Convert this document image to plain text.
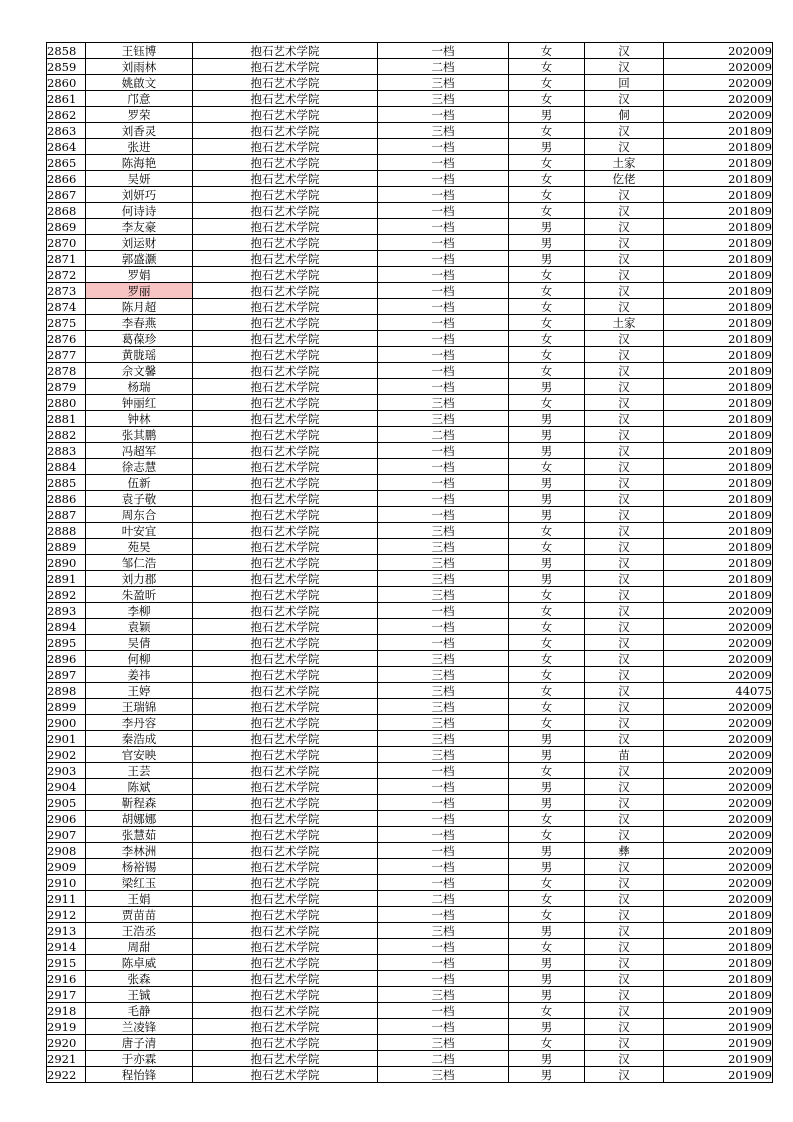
2858	王钰博	抱石艺术学院	一档	女	汉	202009
2859	刘雨林	抱石艺术学院	二档	女	汉	202009
2860	姚啟文	抱石艺术学院	三档	女	回	202009
2861	邝意	抱石艺术学院	三档	女	汉	202009
2862	罗荣	抱石艺术学院	一档	男	侗	202009
2863	刘香灵	抱石艺术学院	三档	女	汉	201809
2864	张进	抱石艺术学院	一档	男	汉	201809
2865	陈海艳	抱石艺术学院	一档	女	土家	201809
2866	吴妍	抱石艺术学院	一档	女	仡佬	201809
2867	刘妍巧	抱石艺术学院	一档	女	汉	201809
2868	何诗诗	抱石艺术学院	一档	女	汉	201809
2869	李友豪	抱石艺术学院	一档	男	汉	201809
2870	刘运财	抱石艺术学院	一档	男	汉	201809
2871	郭盛灏	抱石艺术学院	一档	男	汉	201809
2872	罗娟	抱石艺术学院	一档	女	汉	201809
2873	罗丽	抱石艺术学院	一档	女	汉	201809
2874	陈月超	抱石艺术学院	一档	女	汉	201809
2875	李春燕	抱石艺术学院	一档	女	土家	201809
2876	葛葆珍	抱石艺术学院	一档	女	汉	201809
2877	黄胧瑶	抱石艺术学院	一档	女	汉	201809
2878	佘文馨	抱石艺术学院	一档	女	汉	201809
2879	杨瑞	抱石艺术学院	一档	男	汉	201809
2880	钟丽红	抱石艺术学院	三档	女	汉	201809
2881	钟林	抱石艺术学院	三档	男	汉	201809
2882	张其鹏	抱石艺术学院	二档	男	汉	201809
2883	冯超军	抱石艺术学院	一档	男	汉	201809
2884	徐志慧	抱石艺术学院	一档	女	汉	201809
2885	伍新	抱石艺术学院	一档	男	汉	201809
2886	袁子敬	抱石艺术学院	一档	男	汉	201809
2887	周东合	抱石艺术学院	一档	男	汉	201809
2888	叶安宜	抱石艺术学院	三档	女	汉	201809
2889	苑昊	抱石艺术学院	三档	女	汉	201809
2890	邹仁浩	抱石艺术学院	三档	男	汉	201809
2891	刘力郡	抱石艺术学院	三档	男	汉	201809
2892	朱盈昕	抱石艺术学院	三档	女	汉	201809
2893	李柳	抱石艺术学院	一档	女	汉	202009
2894	袁颖	抱石艺术学院	一档	女	汉	202009
2895	吴倩	抱石艺术学院	一档	女	汉	202009
2896	何柳	抱石艺术学院	三档	女	汉	202009
2897	姜祎	抱石艺术学院	三档	女	汉	202009
2898	王婷	抱石艺术学院	三档	女	汉	44075
2899	王瑞锦	抱石艺术学院	三档	女	汉	202009
2900	李丹容	抱石艺术学院	三档	女	汉	202009
2901	秦浩成	抱石艺术学院	三档	男	汉	202009
2902	官安映	抱石艺术学院	三档	男	苗	202009
2903	王芸	抱石艺术学院	一档	女	汉	202009
2904	陈斌	抱石艺术学院	一档	男	汉	202009
2905	靳程森	抱石艺术学院	一档	男	汉	202009
2906	胡娜娜	抱石艺术学院	一档	女	汉	202009
2907	张慧茹	抱石艺术学院	一档	女	汉	202009
2908	李林洲	抱石艺术学院	一档	男	彝	202009
2909	杨裕锡	抱石艺术学院	一档	男	汉	202009
2910	梁红玉	抱石艺术学院	一档	女	汉	202009
2911	王娟	抱石艺术学院	二档	女	汉	202009
2912	贾苗苗	抱石艺术学院	一档	女	汉	201809
2913	王浩丞	抱石艺术学院	三档	男	汉	201809
2914	周甜	抱石艺术学院	一档	女	汉	201809
2915	陈卓威	抱石艺术学院	一档	男	汉	201809
2916	张森	抱石艺术学院	一档	男	汉	201809
2917	王铖	抱石艺术学院	三档	男	汉	201809
2918	毛静	抱石艺术学院	一档	女	汉	201909
2919	兰凌锋	抱石艺术学院	一档	男	汉	201909
2920	唐子清	抱石艺术学院	三档	女	汉	201909
2921	于亦霖	抱石艺术学院	二档	男	汉	201909
2922	程怡锋	抱石艺术学院	三档	男	汉	201909
